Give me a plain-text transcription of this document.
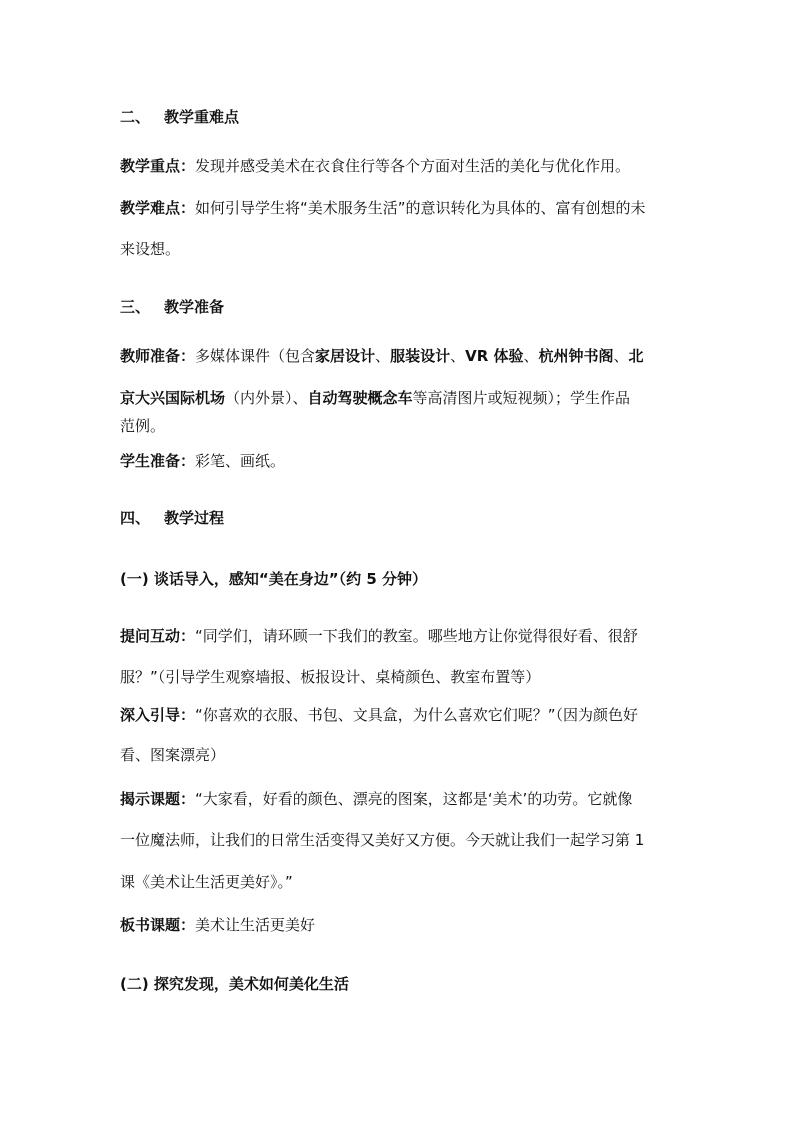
二、 教学重难点
教学重点：发现并感受美术在衣食住行等各个方面对生活的美化与优化作用。
教学难点：如何引导学生将“美术服务生活”的意识转化为具体的、富有创想的未
来设想。
三、 教学准备
教师准备：多媒体课件（包含家居设计、服装设计、VR 体验、杭州钟书阁、北
京大兴国际机场（内外景）、自动驾驶概念车等高清图片或短视频）；学生作品
范例。
学生准备：彩笔、画纸。
四、 教学过程
(一) 谈话导入，感知“美在身边”（约 5 分钟）
提问互动：“同学们，请环顾一下我们的教室。哪些地方让你觉得很好看、很舒
服？”（引导学生观察墙报、板报设计、桌椅颜色、教室布置等）
深入引导：“你喜欢的衣服、书包、文具盒，为什么喜欢它们呢？”（因为颜色好
看、图案漂亮）
揭示课题：“大家看，好看的颜色、漂亮的图案，这都是‘美术’的功劳。它就像
一位魔法师，让我们的日常生活变得又美好又方便。今天就让我们一起学习第 1
课《美术让生活更美好》。”
板书课题：美术让生活更美好
(二) 探究发现，美术如何美化生活
